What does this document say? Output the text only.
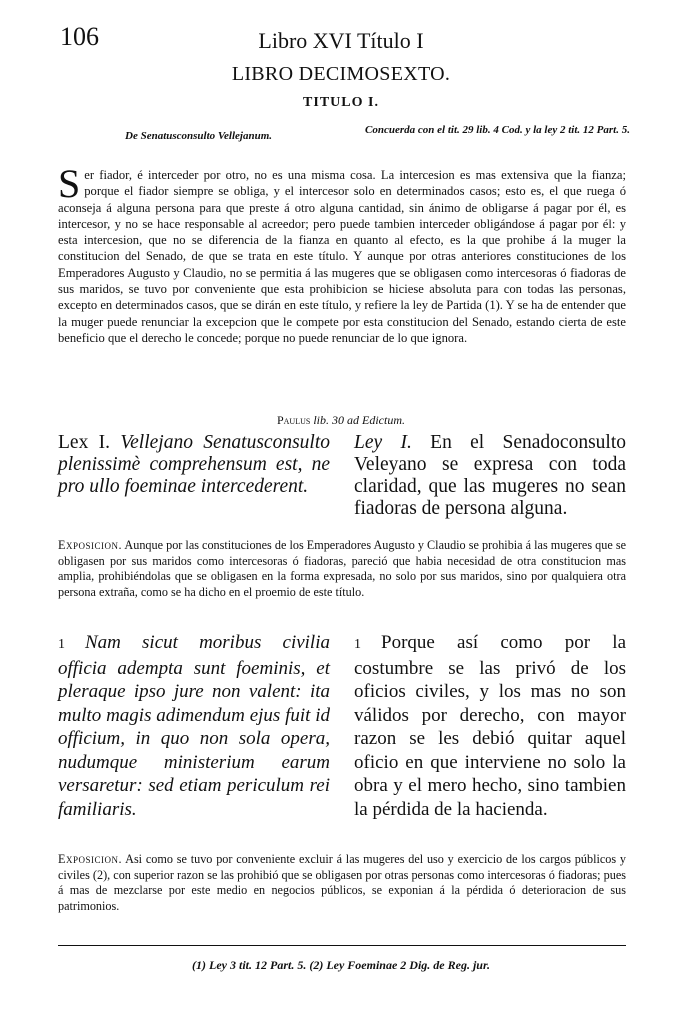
106	Libro XVI Título I
LIBRO DECIMOSEXTO.
TITULO I.
De Senatusconsulto Vellejanum.	Concuerda con el tit. 29 lib. 4 Cod. y la ley 2 tit. 12 Part. 5.
Ser fiador, é interceder por otro, no es una misma cosa. La intercesion es mas extensiva que la fianza; porque el fiador siempre se obliga, y el intercesor solo en determinados casos; esto es, el que ruega ó aconseja á alguna persona para que preste á otro alguna cantidad, sin ánimo de obligarse á pagar por él, es intercesor, y no se hace responsable al acreedor; pero puede tambien interceder obligándose á pagar por él: y esta intercesion, que no se diferencia de la fianza en quanto al efecto, es la que prohibe á la muger la constitucion del Senado, de que se trata en este título. Y aunque por otras anteriores constituciones de los Emperadores Augusto y Claudio, no se permitia á las mugeres que se obligasen como intercesoras ó fiadoras de sus maridos, se tuvo por conveniente que esta prohibicion se hiciese absoluta para con todas las personas, excepto en determinados casos, que se dirán en este título, y refiere la ley de Partida (1). Y se ha de entender que la muger puede renunciar la excepcion que le compete por esta constitucion del Senado, estando cierta de este beneficio que el derecho le concede; porque no puede renunciar de lo que ignora.
Paulus lib. 30 ad Edictum.
Lex I. Vellejano Senatusconsulto plenissimè comprehensum est, ne pro ullo foeminae intercederent.
Ley I. En el Senadoconsulto Veleyano se expresa con toda claridad, que las mugeres no sean fiadoras de persona alguna.
Exposicion. Aunque por las constituciones de los Emperadores Augusto y Claudio se prohibia á las mugeres que se obligasen por sus maridos como intercesoras ó fiadoras, pareció que habia necesidad de otra constitucion mas amplia, prohibiéndolas que se obligasen en la forma expresada, no solo por sus maridos, sino por qualquiera otra persona extraña, como se ha dicho en el proemio de este título.
1 Nam sicut moribus civilia officia adempta sunt foeminis, et pleraque ipso jure non valent: ita multo magis adimendum ejus fuit id officium, in quo non sola opera, nudumque ministerium earum versaretur: sed etiam periculum rei familiaris.
1 Porque así como por la costumbre se las privó de los oficios civiles, y los mas no son válidos por derecho, con mayor razon se les debió quitar aquel oficio en que interviene no solo la obra y el mero hecho, sino tambien la pérdida de la hacienda.
Exposicion. Asi como se tuvo por conveniente excluir á las mugeres del uso y exercicio de los cargos públicos y civiles (2), con superior razon se las prohibió que se obligasen por otras personas como intercesoras ó fiadoras; pues á mas de mezclarse por este medio en negocios públicos, se exponian á la pérdida ó deterioracion de sus patrimonios.
(1) Ley 3 tit. 12 Part. 5. (2) Ley Foeminae 2 Dig. de Reg. jur.
